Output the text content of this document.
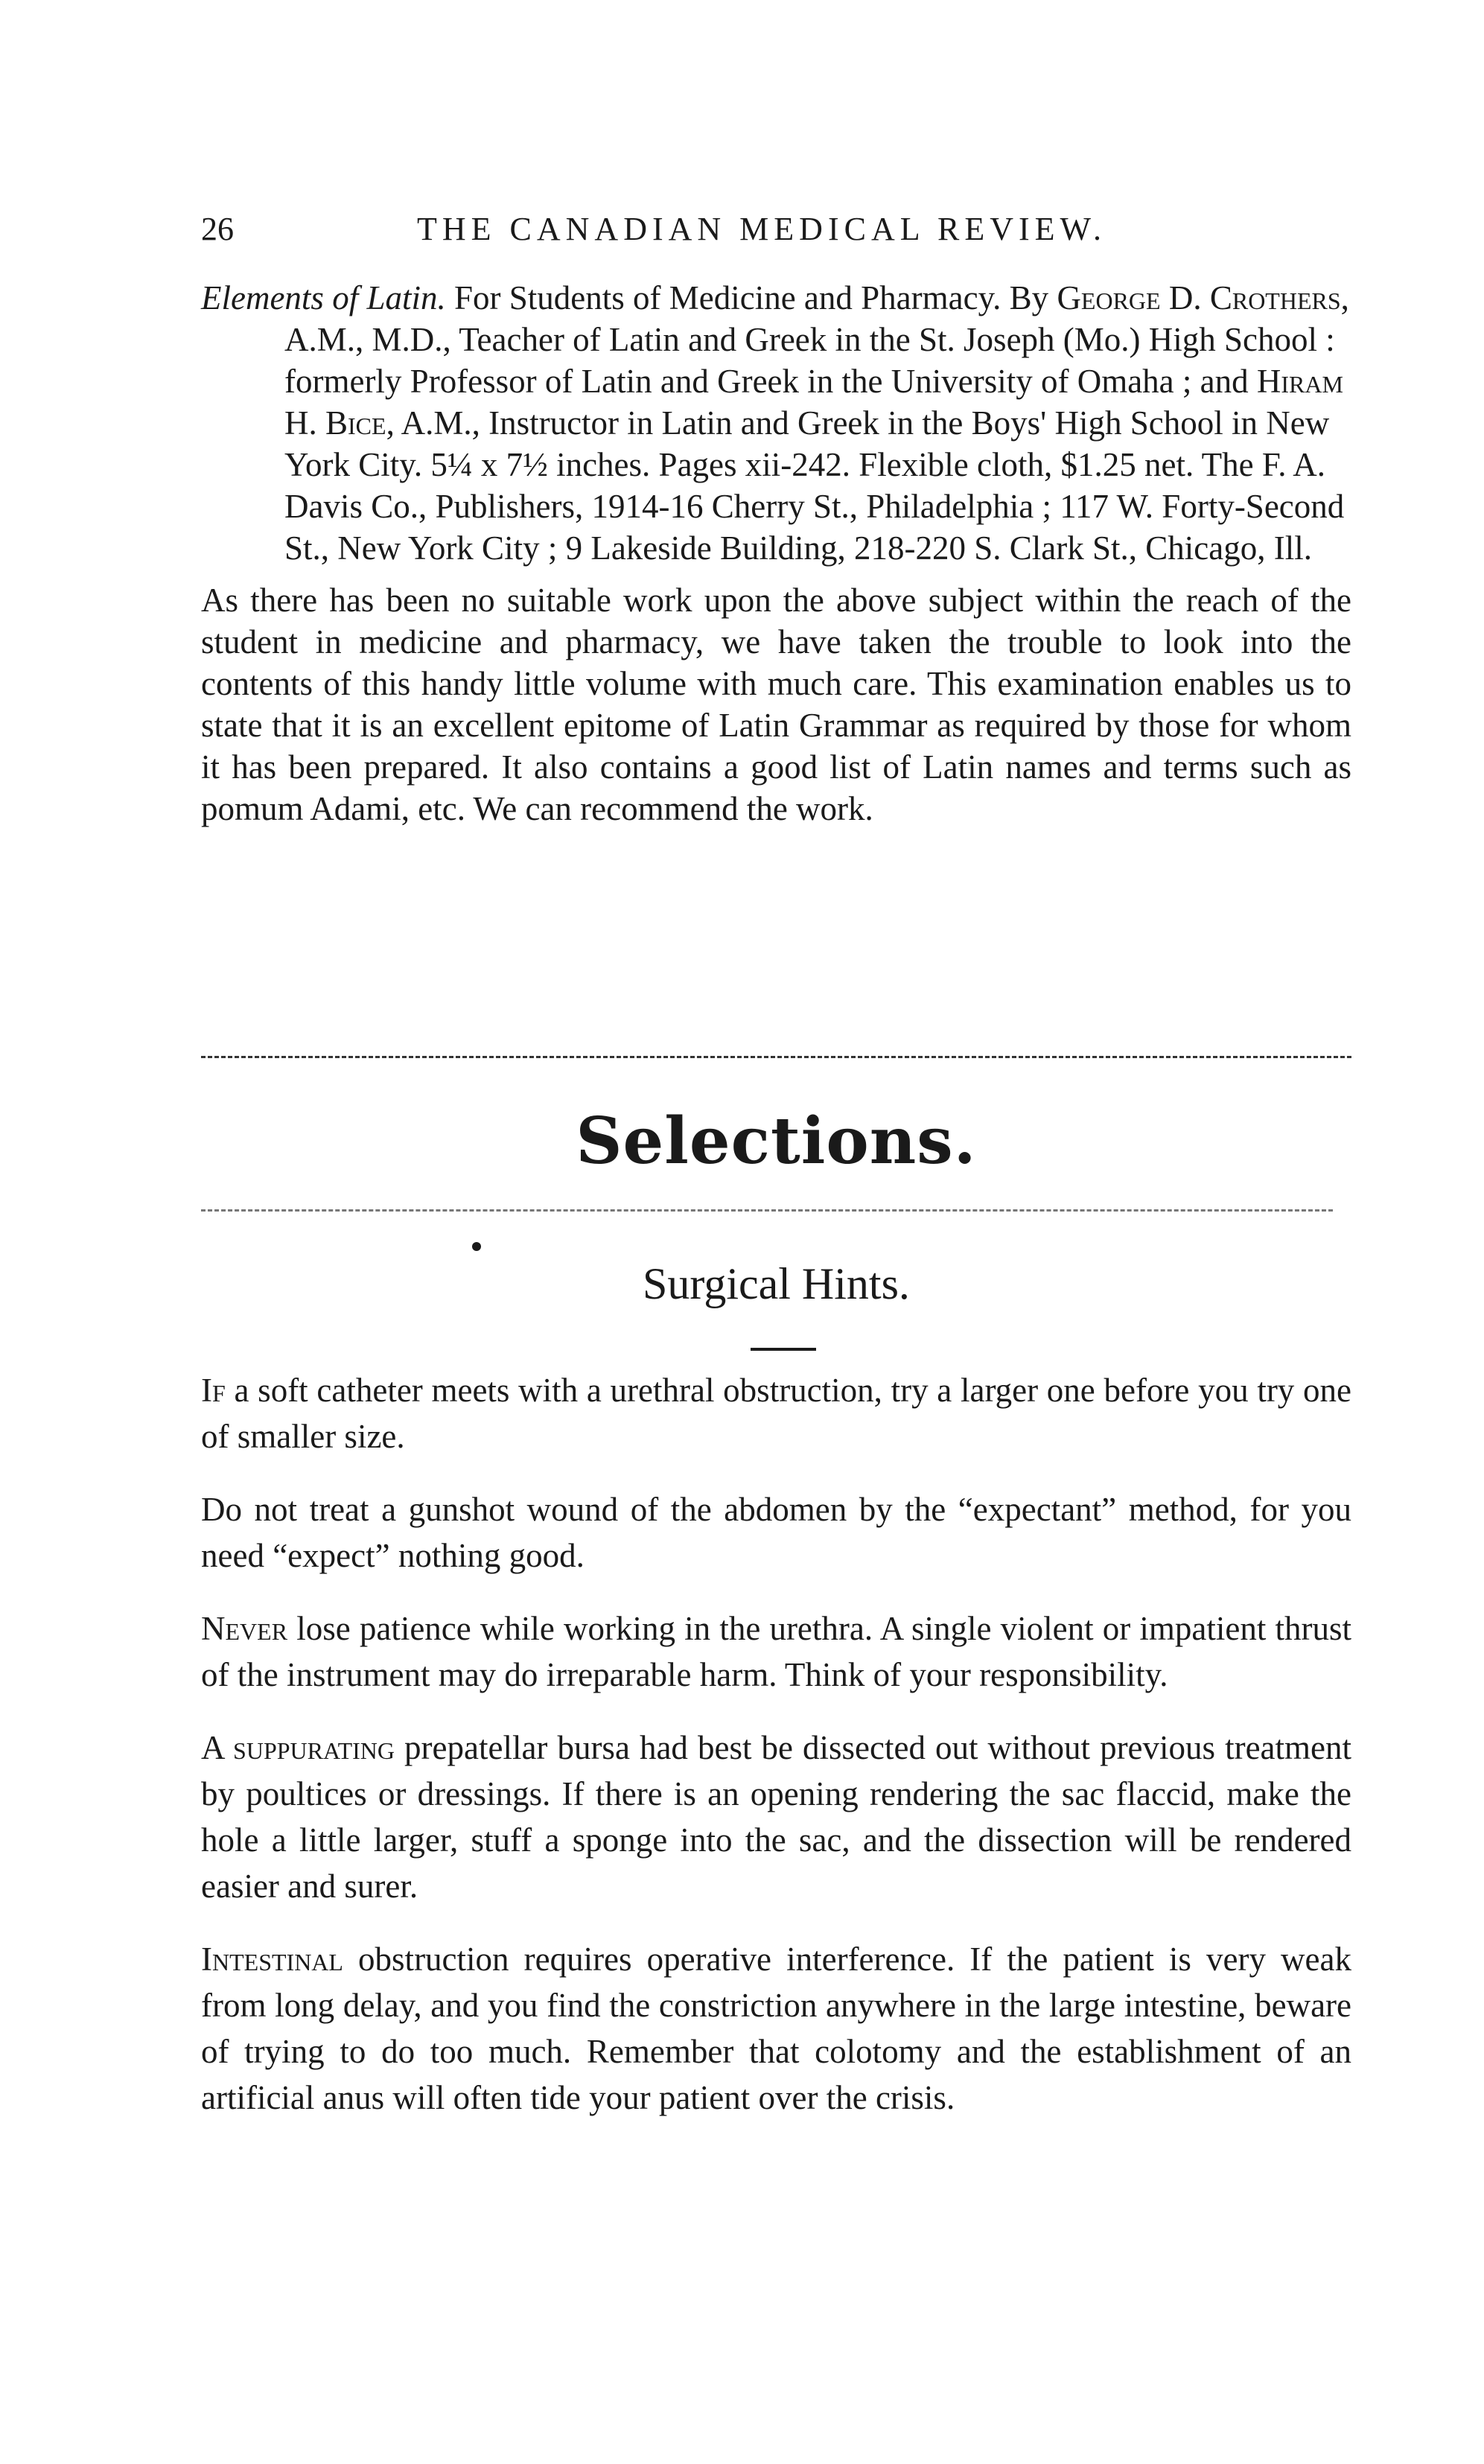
26	THE CANADIAN MEDICAL REVIEW.
Elements of Latin. For Students of Medicine and Pharmacy. By George D. Crothers, A.M., M.D., Teacher of Latin and Greek in the St. Joseph (Mo.) High School : formerly Professor of Latin and Greek in the University of Omaha ; and Hiram H. Bice, A.M., Instructor in Latin and Greek in the Boys' High School in New York City. 5¼ x 7½ inches. Pages xii-242. Flexible cloth, $1.25 net. The F. A. Davis Co., Publishers, 1914-16 Cherry St., Philadelphia ; 117 W. Forty-Second St., New York City ; 9 Lakeside Building, 218-220 S. Clark St., Chicago, Ill.
As there has been no suitable work upon the above subject within the reach of the student in medicine and pharmacy, we have taken the trouble to look into the contents of this handy little volume with much care. This examination enables us to state that it is an excellent epitome of Latin Grammar as required by those for whom it has been prepared. It also contains a good list of Latin names and terms such as pomum Adami, etc. We can recommend the work.
Selections.
Surgical Hints.

If a soft catheter meets with a urethral obstruction, try a larger one before you try one of smaller size.

Do not treat a gunshot wound of the abdomen by the “expectant” method, for you need “expect” nothing good.

Never lose patience while working in the urethra. A single violent or impatient thrust of the instrument may do irreparable harm. Think of your responsibility.

A suppurating prepatellar bursa had best be dissected out without previous treatment by poultices or dressings. If there is an opening rendering the sac flaccid, make the hole a little larger, stuff a sponge into the sac, and the dissection will be rendered easier and surer.

Intestinal obstruction requires operative interference. If the patient is very weak from long delay, and you find the constriction anywhere in the large intestine, beware of trying to do too much. Remember that colotomy and the establishment of an artificial anus will often tide your patient over the crisis.
